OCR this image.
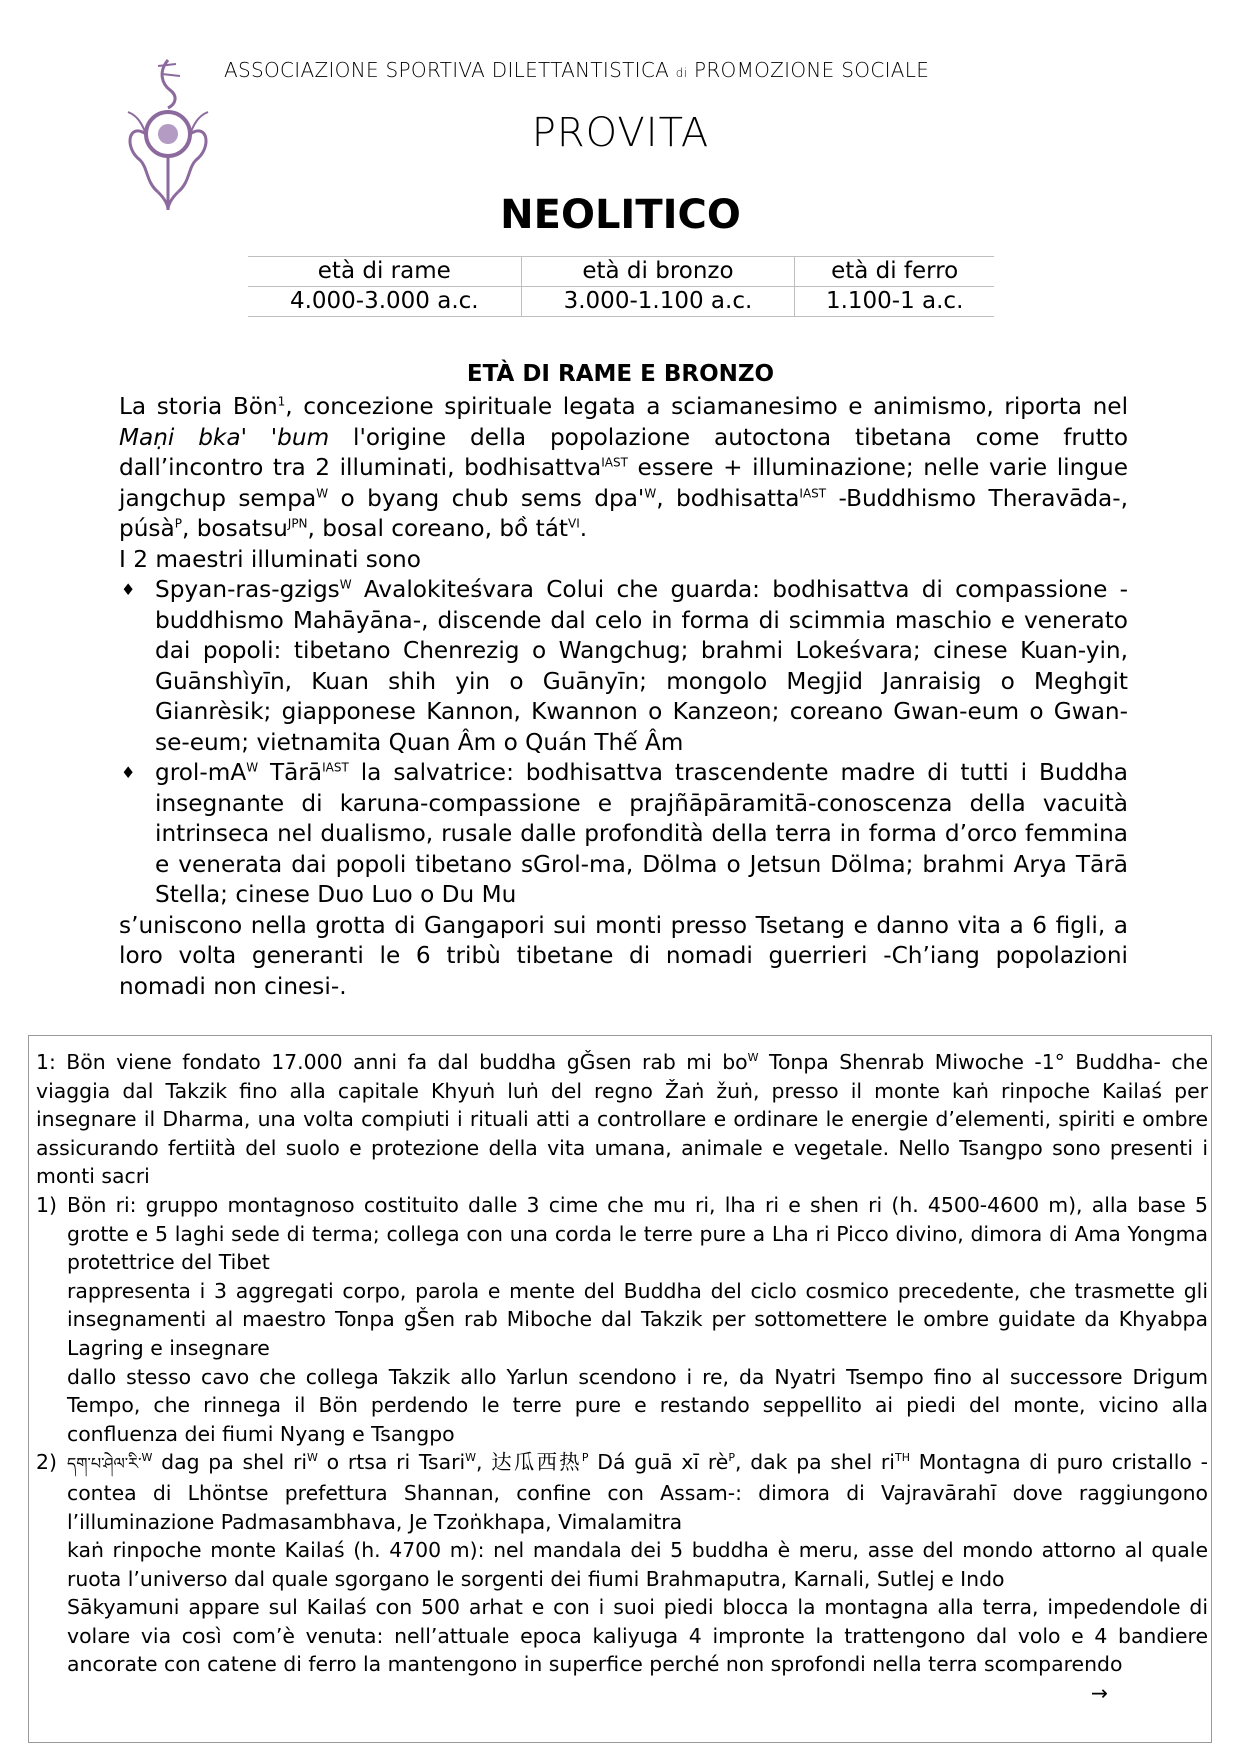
ASSOCIAZIONE SPORTIVA DILETTANTISTICA di PROMOZIONE SOCIALE
PROVITA
NEOLITICO
età di rame	età di bronzo	età di ferro
4.000-3.000 a.c.	3.000-1.100 a.c.	1.100-1 a.c.
ETÀ DI RAME E BRONZO

La storia Bön$^1$, concezione spirituale legata a sciamanesimo e animismo, riporta nel Maṇi bka' 'bum l'origine della popolazione autoctona tibetana come frutto dall’incontro tra 2 illuminati, bodhisattva$^{IAST}$ essere + illuminazione; nelle varie lingue jangchup sempa$^W$ o byang chub sems $dpa'^W$, bodhisatta$^{IAST}$ -Buddhismo Theravāda-, púsà$^P$, bosatsu$^{JPN}$, bosal coreano, bồ tát$^{VI}$.

I 2 maestri illuminati sono

♦ Spyan-ras-gzigs$^W$ Avalokiteśvara Colui che guarda: bodhisattva di compassione -buddhismo Mahāyāna-, discende dal celo in forma di scimmia maschio e venerato dai popoli: tibetano Chenrezig o Wangchug; brahmi Lokeśvara; cinese Kuan-yin, Guānshìyīn, Kuan shih yin o Guānyīn; mongolo Megjid Janraisig o Meghgit Gianrèsik; giapponese Kannon, Kwannon o Kanzeon; coreano Gwan-eum o Gwan-se-eum; vietnamita Quan Âm o Quán Thế Âm
♦ grol-$mA^W$ Tārā$^{IAST}$ la salvatrice: bodhisattva trascendente madre di tutti i Buddha insegnante di karuna-compassione e prajñāpāramitā-conoscenza della vacuità intrinseca nel dualismo, rusale dalle profondità della terra in forma d’orco femmina e venerata dai popoli tibetano sGrol-ma, Dölma o Jetsun Dölma; brahmi Arya Tārā Stella; cinese Duo Luo o Du Mu

s’uniscono nella grotta di Gangapori sui monti presso Tsetang e danno vita a 6 figli, a loro volta generanti le 6 tribù tibetane di nomadi guerrieri -Ch’iang popolazioni nomadi non cinesi-.

1: Bön viene fondato 17.000 anni fa dal buddha gǦsen rab mi $bo^W$ Tonpa Shenrab Miwoche -1° Buddha- che viaggia dal Takzik fino alla capitale Khyuṅ luṅ del regno Žaṅ žuṅ, presso il monte kaṅ rinpoche Kailaś per insegnare il Dharma, una volta compiuti i rituali atti a controllare e ordinare le energie d’elementi, spiriti e ombre assicurando fertiità del suolo e protezione della vita umana, animale e vegetale. Nello Tsangpo sono presenti i monti sacri

1) Bön ri: gruppo montagnoso costituito dalle 3 cime che mu ri, lha ri e shen ri (h. 4500-4600 m), alla base 5 grotte e 5 laghi sede di terma; collega con una corda le terre pure a Lha ri Picco divino, dimora di Ama Yongma protettrice del Tibet

rappresenta i 3 aggregati corpo, parola e mente del Buddha del ciclo cosmico precedente, che trasmette gli insegnamenti al maestro Tonpa gŠen rab Miboche dal Takzik per sottomettere le ombre guidate da Khyabpa Lagring e insegnare

dallo stesso cavo che collega Takzik allo Yarlun scendono i re, da Nyatri Tsempo fino al successore Drigum Tempo, che rinnega il Bön perdendo le terre pure e restando seppellito ai piedi del monte, vicino alla confluenza dei fiumi Nyang e Tsangpo

2) དག་པ་ཤེལ་རི་$^W$ dag pa shel $ri^W$ o rtsa ri Tsari$^W$, 达瓜西热$^P$ Dá guā xī $rè^P$, dak pa shel $ri^{TH}$ Montagna di puro cristallo -contea di Lhöntse prefettura Shannan, confine con Assam-: dimora di Vajravārahī dove raggiungono l’illuminazione Padmasambhava, Je Tzoṅkhapa, Vimalamitra

kaṅ rinpoche monte Kailaś (h. 4700 m): nel mandala dei 5 buddha è meru, asse del mondo attorno al quale ruota l’universo dal quale sgorgano le sorgenti dei fiumi Brahmaputra, Karnali, Sutlej e Indo

Sākyamuni appare sul Kailaś con 500 arhat e con i suoi piedi blocca la montagna alla terra, impedendole di volare via così com’è venuta: nell’attuale epoca kaliyuga 4 impronte la trattengono dal volo e 4 bandiere ancorate con catene di ferro la mantengono in superfice perché non sprofondi nella terra scomparendo
→
